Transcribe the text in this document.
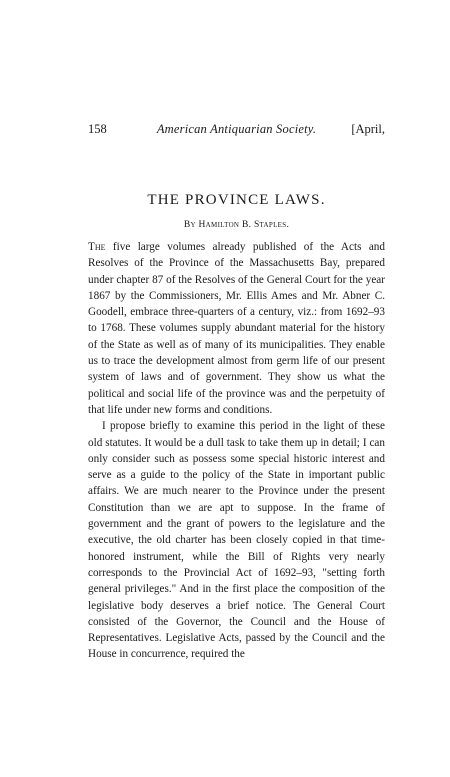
158	American Antiquarian Society.	[April,
THE PROVINCE LAWS.
By Hamilton B. Staples.

The five large volumes already published of the Acts and Resolves of the Province of the Massachusetts Bay, prepared under chapter 87 of the Resolves of the General Court for the year 1867 by the Commissioners, Mr. Ellis Ames and Mr. Abner C. Goodell, embrace three-quarters of a century, viz.: from 1692–93 to 1768. These volumes supply abundant material for the history of the State as well as of many of its municipalities. They enable us to trace the development almost from germ life of our present system of laws and of government. They show us what the political and social life of the province was and the perpetuity of that life under new forms and conditions.

I propose briefly to examine this period in the light of these old statutes. It would be a dull task to take them up in detail; I can only consider such as possess some special historic interest and serve as a guide to the policy of the State in important public affairs. We are much nearer to the Province under the present Constitution than we are apt to suppose. In the frame of government and the grant of powers to the legislature and the executive, the old charter has been closely copied in that time-honored instrument, while the Bill of Rights very nearly corresponds to the Provincial Act of 1692–93, "setting forth general privileges." And in the first place the composition of the legislative body deserves a brief notice. The General Court consisted of the Governor, the Council and the House of Representatives. Legislative Acts, passed by the Council and the House in concurrence, required the
